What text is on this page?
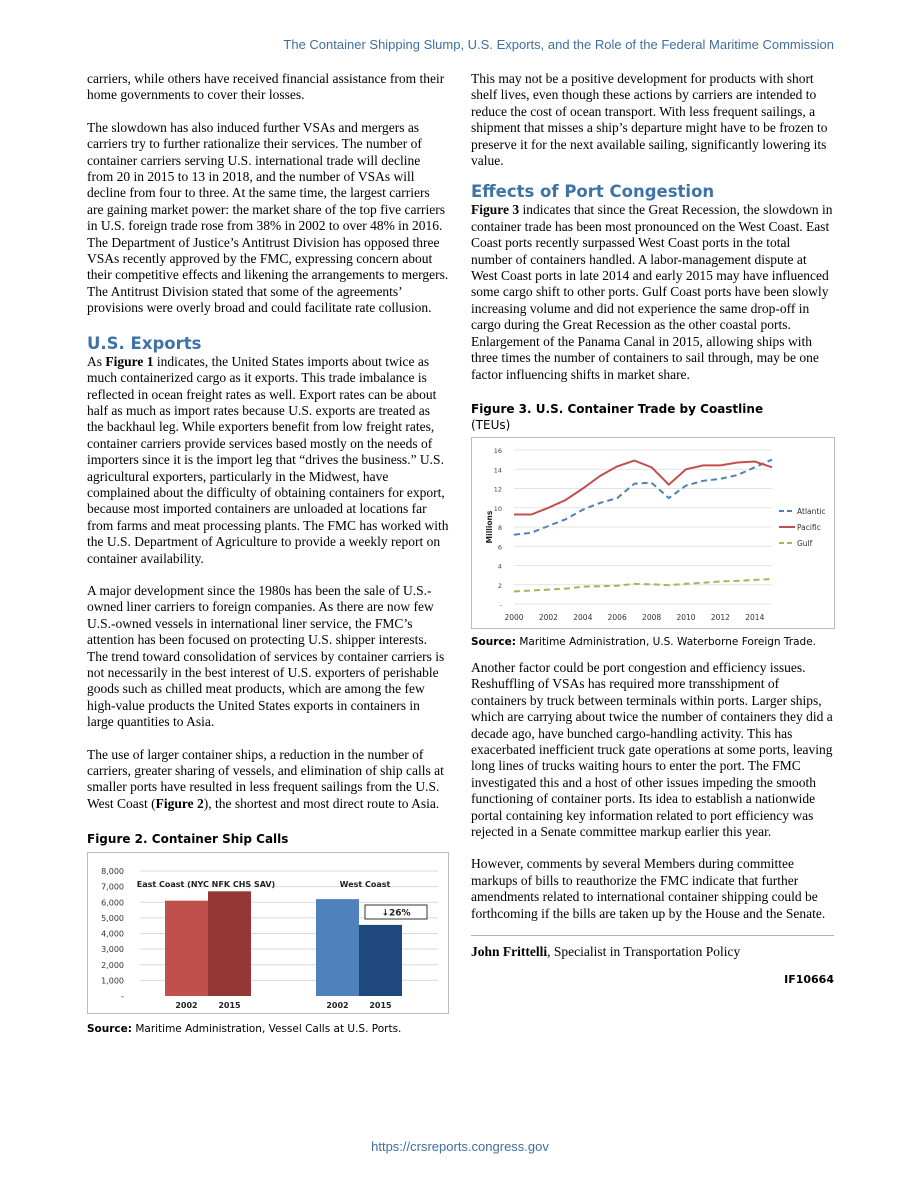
The Container Shipping Slump, U.S. Exports, and the Role of the Federal Maritime Commission

carriers, while others have received financial assistance from their home governments to cover their losses.

The slowdown has also induced further VSAs and mergers as carriers try to further rationalize their services. The number of container carriers serving U.S. international trade will decline from 20 in 2015 to 13 in 2018, and the number of VSAs will decline from four to three. At the same time, the largest carriers are gaining market power: the market share of the top five carriers in U.S. foreign trade rose from 38% in 2002 to over 48% in 2016. The Department of Justice’s Antitrust Division has opposed three VSAs recently approved by the FMC, expressing concern about their competitive effects and likening the arrangements to mergers. The Antitrust Division stated that some of the agreements’ provisions were overly broad and could facilitate rate collusion.

U.S. Exports

As Figure 1 indicates, the United States imports about twice as much containerized cargo as it exports. This trade imbalance is reflected in ocean freight rates as well. Export rates can be about half as much as import rates because U.S. exports are treated as the backhaul leg. While exporters benefit from low freight rates, container carriers provide services based mostly on the needs of importers since it is the import leg that “drives the business.” U.S. agricultural exporters, particularly in the Midwest, have complained about the difficulty of obtaining containers for export, because most imported containers are unloaded at locations far from farms and meat processing plants. The FMC has worked with the U.S. Department of Agriculture to provide a weekly report on container availability.

A major development since the 1980s has been the sale of U.S.-owned liner carriers to foreign companies. As there are now few U.S.-owned vessels in international liner service, the FMC’s attention has been focused on protecting U.S. shipper interests. The trend toward consolidation of services by container carriers is not necessarily in the best interest of U.S. exporters of perishable goods such as chilled meat products, which are among the few high-value products the United States exports in containers in large quantities to Asia.

The use of larger container ships, a reduction in the number of carriers, greater sharing of vessels, and elimination of ship calls at smaller ports have resulted in less frequent sailings from the U.S. West Coast (Figure 2), the shortest and most direct route to Asia.

Figure 2. Container Ship Calls
8,000
7,000
6,000
5,000
4,000
3,000
2,000
1,000
-
2002	2015	2002	2015
East Coast (NYC NFK CHS SAV)	West Coast
↓26%
Source: Maritime Administration, Vessel Calls at U.S. Ports.

This may not be a positive development for products with short shelf lives, even though these actions by carriers are intended to reduce the cost of ocean transport. With less frequent sailings, a shipment that misses a ship’s departure might have to be frozen to preserve it for the next available sailing, significantly lowering its value.

Effects of Port Congestion

Figure 3 indicates that since the Great Recession, the slowdown in container trade has been most pronounced on the West Coast. East Coast ports recently surpassed West Coast ports in the total number of containers handled. A labor-management dispute at West Coast ports in late 2014 and early 2015 may have influenced some cargo shift to other ports. Gulf Coast ports have been slowly increasing volume and did not experience the same drop-off in cargo during the Great Recession as the other coastal ports. Enlargement of the Panama Canal in 2015, allowing ships with three times the number of containers to sail through, may be one factor influencing shifts in market share.

Figure 3. U.S. Container Trade by Coastline
(TEUs)
16
14
12
10
8
6
4
2
-
2000 2002 2004 2006 2008 2010 2012 2014
Millions	Atlantic
Pacific
Gulf
Source: Maritime Administration, U.S. Waterborne Foreign Trade.

Another factor could be port congestion and efficiency issues. Reshuffling of VSAs has required more transshipment of containers by truck between terminals within ports. Larger ships, which are carrying about twice the number of containers they did a decade ago, have bunched cargo-handling activity. This has exacerbated inefficient truck gate operations at some ports, leaving long lines of trucks waiting hours to enter the port. The FMC investigated this and a host of other issues impeding the smooth functioning of container ports. Its idea to establish a nationwide portal containing key information related to port efficiency was rejected in a Senate committee markup earlier this year.

However, comments by several Members during committee markups of bills to reauthorize the FMC indicate that further amendments related to international container shipping could be forthcoming if the bills are taken up by the House and the Senate.

John Frittelli, Specialist in Transportation Policy
IF10664
https://crsreports.congress.gov
